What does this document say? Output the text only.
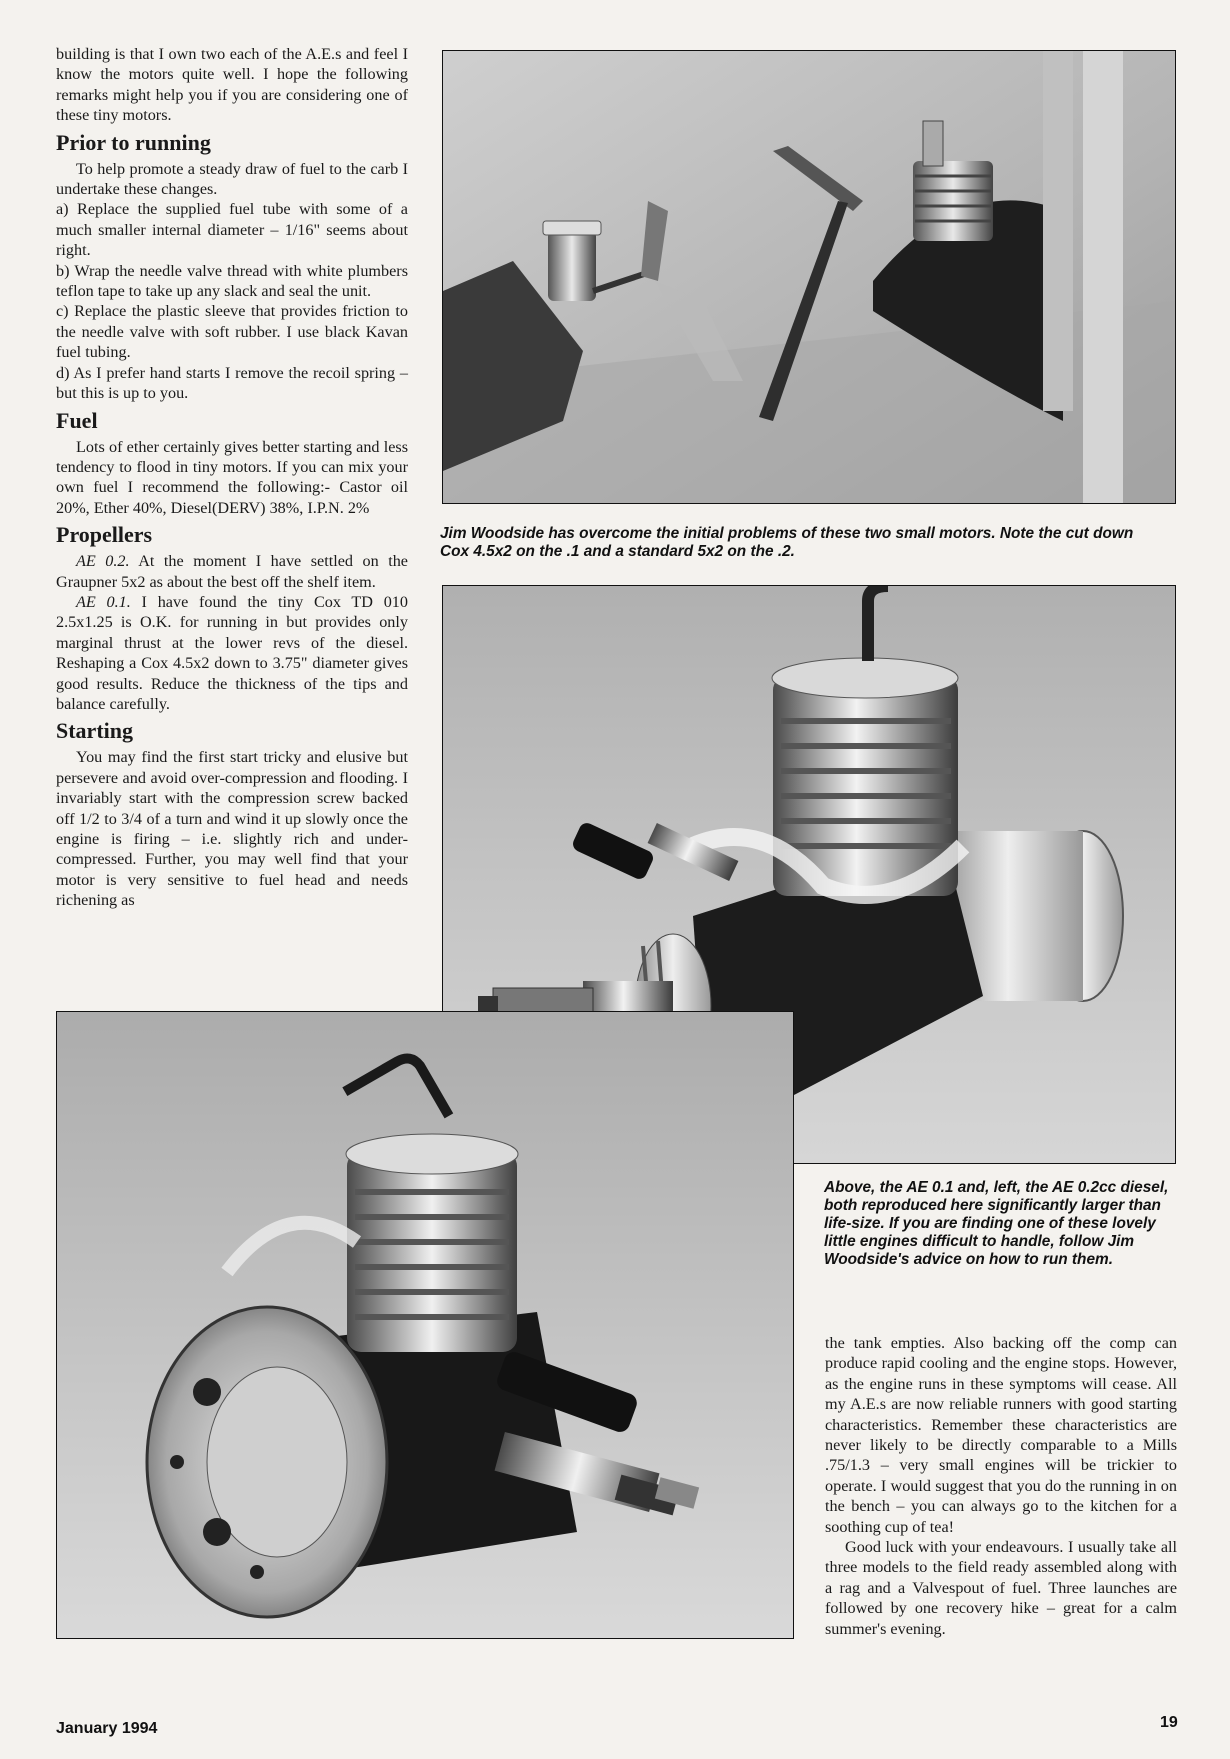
building is that I own two each of the A.E.s and feel I know the motors quite well. I hope the following remarks might help you if you are considering one of these tiny motors.

Prior to running

To help promote a steady draw of fuel to the carb I undertake these changes.

a) Replace the supplied fuel tube with some of a much smaller internal diameter – 1/16" seems about right.

b) Wrap the needle valve thread with white plumbers teflon tape to take up any slack and seal the unit.

c) Replace the plastic sleeve that provides friction to the needle valve with soft rubber. I use black Kavan fuel tubing.

d) As I prefer hand starts I remove the recoil spring – but this is up to you.

Fuel

Lots of ether certainly gives better starting and less tendency to flood in tiny motors. If you can mix your own fuel I recommend the following:- Castor oil 20%, Ether 40%, Diesel(DERV) 38%, I.P.N. 2%

Propellers

AE 0.2. At the moment I have settled on the Graupner 5x2 as about the best off the shelf item.

AE 0.1. I have found the tiny Cox TD 010 2.5x1.25 is O.K. for running in but provides only marginal thrust at the lower revs of the diesel. Reshaping a Cox 4.5x2 down to 3.75" diameter gives good results. Reduce the thickness of the tips and balance carefully.

Starting

You may find the first start tricky and elusive but persevere and avoid over-compression and flooding. I invariably start with the compression screw backed off 1/2 to 3/4 of a turn and wind it up slowly once the engine is firing – i.e. slightly rich and under-compressed. Further, you may well find that your motor is very sensitive to fuel head and needs richening as

Jim Woodside has overcome the initial problems of these two small motors. Note the cut down Cox 4.5x2 on the .1 and a standard 5x2 on the .2.
Above, the AE 0.1 and, left, the AE 0.2cc diesel, both reproduced here significantly larger than life-size. If you are finding one of these lovely little engines difficult to handle, follow Jim Woodside's advice on how to run them.

the tank empties. Also backing off the comp can produce rapid cooling and the engine stops. However, as the engine runs in these symptoms will cease. All my A.E.s are now reliable runners with good starting characteristics. Remember these characteristics are never likely to be directly comparable to a Mills .75/1.3 – very small engines will be trickier to operate. I would suggest that you do the running in on the bench – you can always go to the kitchen for a soothing cup of tea!

Good luck with your endeavours. I usually take all three models to the field ready assembled along with a rag and a Valvespout of fuel. Three launches are followed by one recovery hike – great for a calm summer's evening.

January 1994	19
